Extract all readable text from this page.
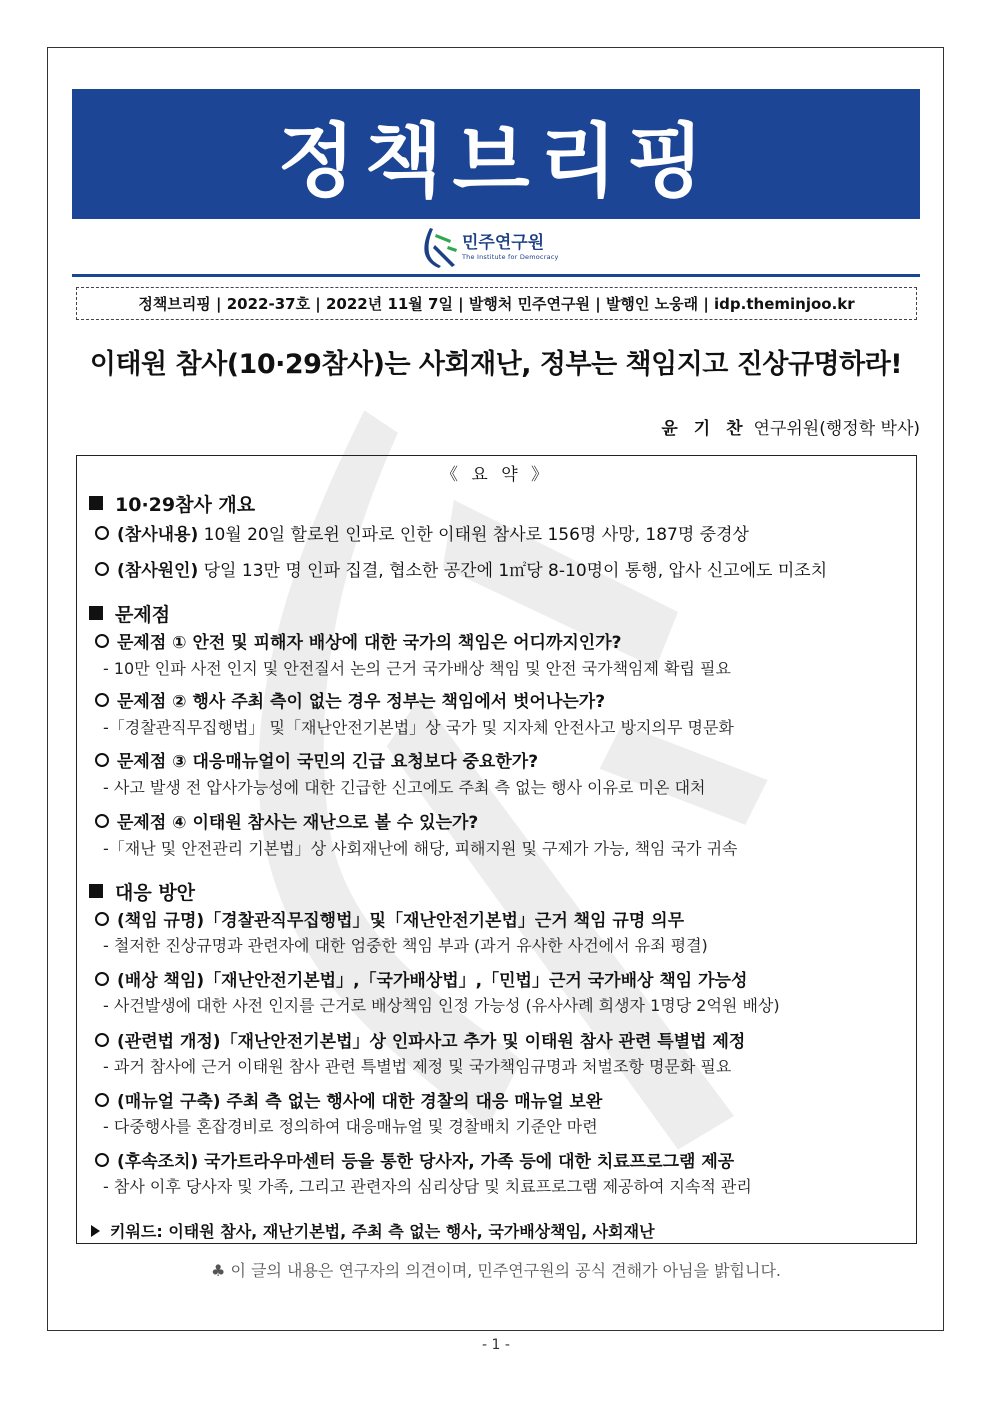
정책브리핑
민주연구원
The Institute for Democracy
정책브리핑 | 2022-37호 | 2022년 11월 7일 | 발행처 민주연구원 | 발행인 노웅래 | idp.theminjoo.kr
이태원 참사(10·29참사)는 사회재난, 정부는 책임지고 진상규명하라!
윤 기 찬 연구위원(행정학 박사)
《 요 약 》
10·29참사 개요
(참사내용) 10월 20일 할로윈 인파로 인한 이태원 참사로 156명 사망, 187명 중경상
(참사원인) 당일 13만 명 인파 집결, 협소한 공간에 1㎡당 8-10명이 통행, 압사 신고에도 미조치
문제점
문제점 ① 안전 및 피해자 배상에 대한 국가의 책임은 어디까지인가?
- 10만 인파 사전 인지 및 안전질서 논의 근거 국가배상 책임 및 안전 국가책임제 확립 필요
문제점 ② 행사 주최 측이 없는 경우 정부는 책임에서 벗어나는가?
-「경찰관직무집행법」 및「재난안전기본법」상 국가 및 지자체 안전사고 방지의무 명문화
문제점 ③ 대응매뉴얼이 국민의 긴급 요청보다 중요한가?
- 사고 발생 전 압사가능성에 대한 긴급한 신고에도 주최 측 없는 행사 이유로 미온 대처
문제점 ④ 이태원 참사는 재난으로 볼 수 있는가?
-「재난 및 안전관리 기본법」상 사회재난에 해당, 피해지원 및 구제가 가능, 책임 국가 귀속
대응 방안
(책임 규명)「경찰관직무집행법」및「재난안전기본법」근거 책임 규명 의무
- 철저한 진상규명과 관련자에 대한 엄중한 책임 부과 (과거 유사한 사건에서 유죄 평결)
(배상 책임)「재난안전기본법」,「국가배상법」,「민법」근거 국가배상 책임 가능성
- 사건발생에 대한 사전 인지를 근거로 배상책임 인정 가능성 (유사사례 희생자 1명당 2억원 배상)
(관련법 개정)「재난안전기본법」상 인파사고 추가 및 이태원 참사 관련 특별법 제정
- 과거 참사에 근거 이태원 참사 관련 특별법 제정 및 국가책임규명과 처벌조항 명문화 필요
(매뉴얼 구축) 주최 측 없는 행사에 대한 경찰의 대응 매뉴얼 보완
- 다중행사를 혼잡경비로 정의하여 대응매뉴얼 및 경찰배치 기준안 마련
(후속조치) 국가트라우마센터 등을 통한 당사자, 가족 등에 대한 치료프로그램 제공
- 참사 이후 당사자 및 가족, 그리고 관련자의 심리상담 및 치료프로그램 제공하여 지속적 관리
키워드: 이태원 참사, 재난기본법, 주최 측 없는 행사, 국가배상책임, 사회재난
♣ 이 글의 내용은 연구자의 의견이며, 민주연구원의 공식 견해가 아님을 밝힙니다.
- 1 -
